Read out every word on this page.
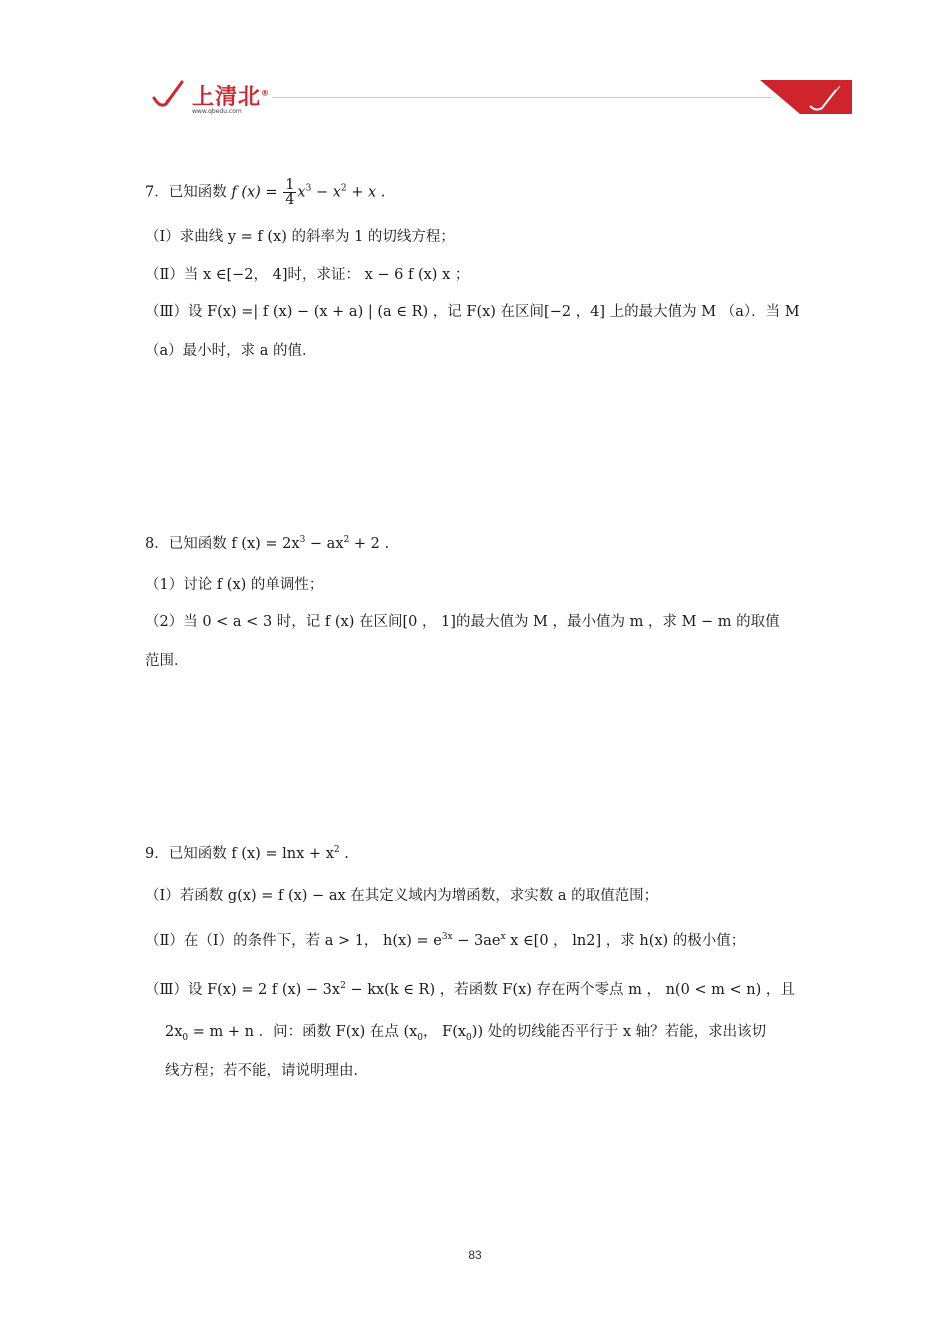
上清北®
www.qbedu.com
7．已知函数 f $(x) = \frac{1}{4} x^3 - x^2 + x$ .
（Ⅰ）求曲线 y = f (x) 的斜率为 1 的切线方程；
（Ⅱ）当 x ∈[−2， 4]时，求证： x − 6 f (x) x ；
（Ⅲ）设 F(x) =| f (x) − (x + a) | (a ∈ R) ，记 F(x) 在区间[−2 ，4] 上的最大值为 M （a）．当 M
（a）最小时，求 a 的值．
8．已知函数 f $(x) = 2x^3 - ax^2 + 2$ .
（1）讨论 f (x) 的单调性；
（2）当 0 < a < 3 时，记 f (x) 在区间[0 ， 1]的最大值为 M ，最小值为 m ，求 M − m 的取值
范围．
9．已知函数 f $(x) = \ln x + x^2$ .
（Ⅰ）若函数 g(x) = f (x) − ax 在其定义域内为增函数，求实数 a 的取值范围；
（Ⅱ）在（Ⅰ）的条件下，若 a > 1， $h(x) = e^{3x} - 3ae^x$ x ∈[0 ， ln2] ，求 h(x) 的极小值；
（Ⅲ）设 F(x) = 2 f $(x) - 3x^2 - kx(k$ ∈ R) ，若函数 F(x) 存在两个零点 m ， n(0 < m < n) ，且
$2x_0 = m + n$ ．问：函数 F(x) 在点 ($x_0$， $F(x_0)$) 处的切线能否平行于 x 轴？若能，求出该切
线方程；若不能，请说明理由．
83
